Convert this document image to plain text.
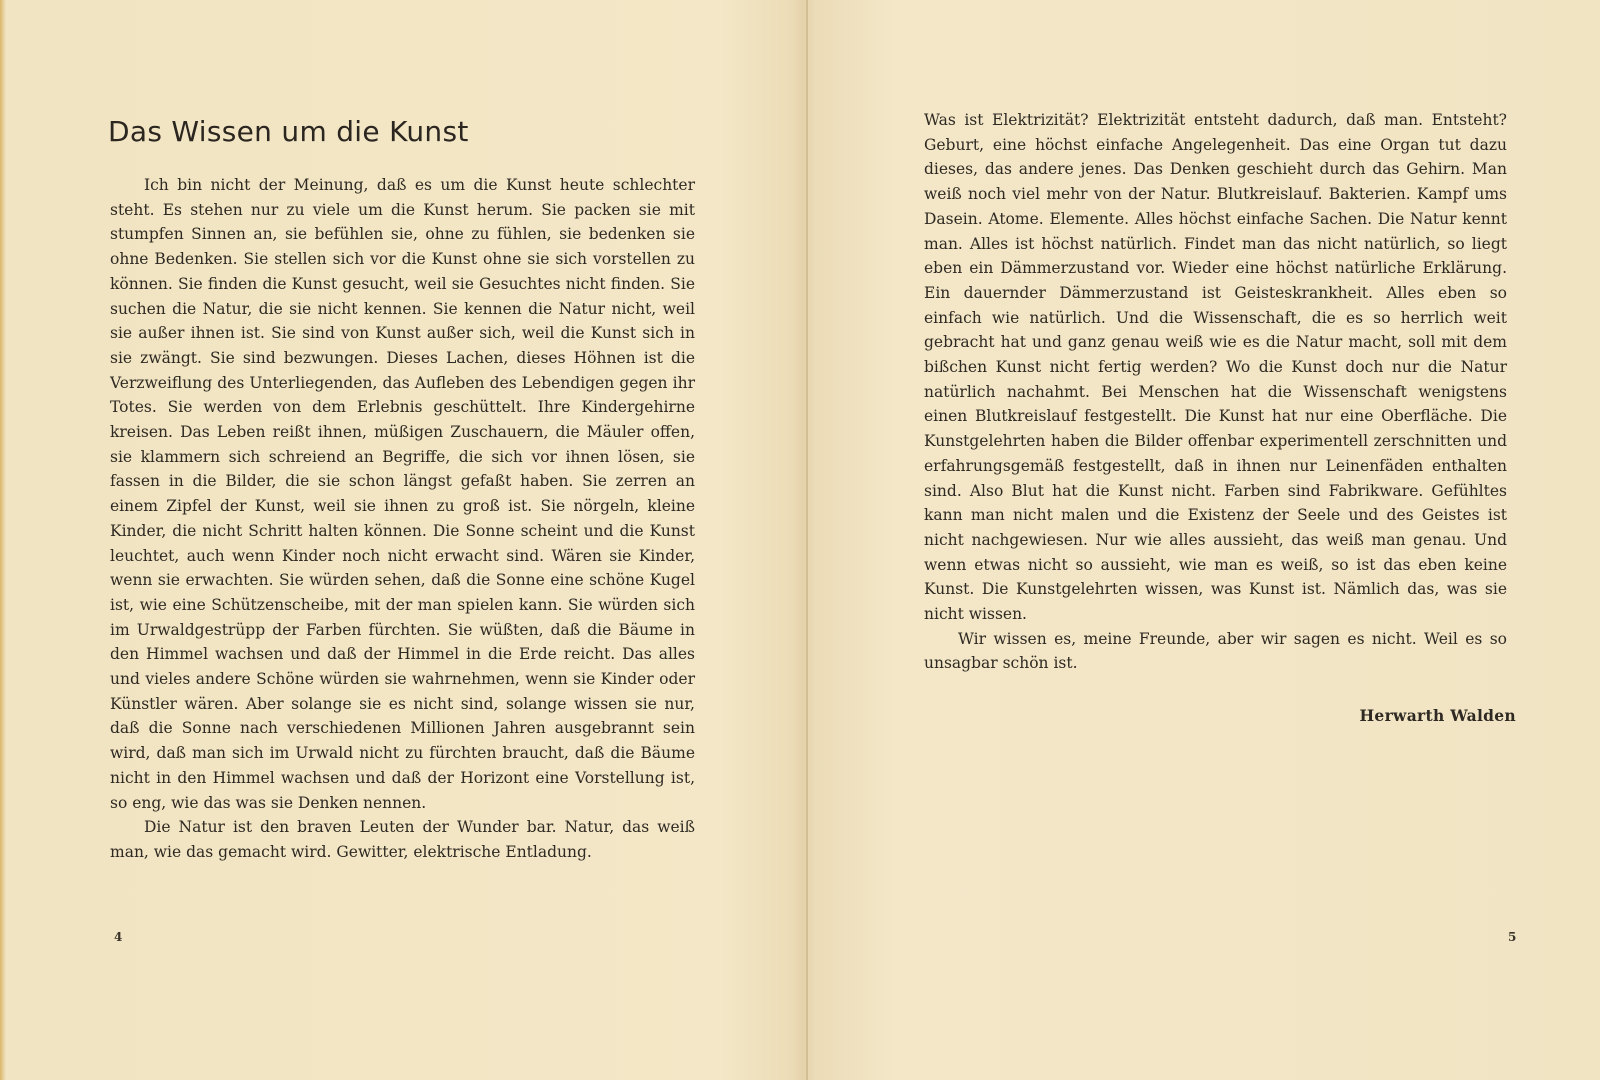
Das Wissen um die Kunst

Ich bin nicht der Meinung, daß es um die Kunst heute schlechter steht. Es stehen nur zu viele um die Kunst herum. Sie packen sie mit stumpfen Sinnen an, sie befühlen sie, ohne zu fühlen, sie bedenken sie ohne Bedenken. Sie stellen sich vor die Kunst ohne sie sich vorstellen zu können. Sie finden die Kunst gesucht, weil sie Gesuchtes nicht finden. Sie suchen die Natur, die sie nicht kennen. Sie kennen die Natur nicht, weil sie außer ihnen ist. Sie sind von Kunst außer sich, weil die Kunst sich in sie zwängt. Sie sind bezwungen. Dieses Lachen, dieses Höhnen ist die Verzweiflung des Unterliegenden, das Aufleben des Lebendigen gegen ihr Totes. Sie werden von dem Erlebnis geschüttelt. Ihre Kindergehirne kreisen. Das Leben reißt ihnen, müßigen Zuschauern, die Mäuler offen, sie klammern sich schreiend an Begriffe, die sich vor ihnen lösen, sie fassen in die Bilder, die sie schon längst gefaßt haben. Sie zerren an einem Zipfel der Kunst, weil sie ihnen zu groß ist. Sie nörgeln, kleine Kinder, die nicht Schritt halten können. Die Sonne scheint und die Kunst leuchtet, auch wenn Kinder noch nicht erwacht sind. Wären sie Kinder, wenn sie erwachten. Sie würden sehen, daß die Sonne eine schöne Kugel ist, wie eine Schützenscheibe, mit der man spielen kann. Sie würden sich im Urwaldgestrüpp der Farben fürchten. Sie wüßten, daß die Bäume in den Himmel wachsen und daß der Himmel in die Erde reicht. Das alles und vieles andere Schöne würden sie wahrnehmen, wenn sie Kinder oder Künstler wären. Aber solange sie es nicht sind, solange wissen sie nur, daß die Sonne nach verschiedenen Millionen Jahren ausgebrannt sein wird, daß man sich im Urwald nicht zu fürchten braucht, daß die Bäume nicht in den Himmel wachsen und daß der Horizont eine Vorstellung ist, so eng, wie das was sie Denken nennen.

Die Natur ist den braven Leuten der Wunder bar. Natur, das weiß man, wie das gemacht wird. Gewitter, elektrische Entladung.

4

Was ist Elektrizität? Elektrizität entsteht dadurch, daß man. Entsteht? Geburt, eine höchst einfache Angelegenheit. Das eine Organ tut dazu dieses, das andere jenes. Das Denken geschieht durch das Gehirn. Man weiß noch viel mehr von der Natur. Blutkreislauf. Bakterien. Kampf ums Dasein. Atome. Elemente. Alles höchst einfache Sachen. Die Natur kennt man. Alles ist höchst natürlich. Findet man das nicht natürlich, so liegt eben ein Dämmerzustand vor. Wieder eine höchst natürliche Erklärung. Ein dauernder Dämmerzustand ist Geisteskrankheit. Alles eben so einfach wie natürlich. Und die Wissenschaft, die es so herrlich weit gebracht hat und ganz genau weiß wie es die Natur macht, soll mit dem bißchen Kunst nicht fertig werden? Wo die Kunst doch nur die Natur natürlich nachahmt. Bei Menschen hat die Wissenschaft wenigstens einen Blutkreislauf festgestellt. Die Kunst hat nur eine Oberfläche. Die Kunstgelehrten haben die Bilder offenbar experimentell zerschnitten und erfahrungsgemäß festgestellt, daß in ihnen nur Leinenfäden enthalten sind. Also Blut hat die Kunst nicht. Farben sind Fabrikware. Gefühltes kann man nicht malen und die Existenz der Seele und des Geistes ist nicht nachgewiesen. Nur wie alles aussieht, das weiß man genau. Und wenn etwas nicht so aussieht, wie man es weiß, so ist das eben keine Kunst. Die Kunstgelehrten wissen, was Kunst ist. Nämlich das, was sie nicht wissen.

Wir wissen es, meine Freunde, aber wir sagen es nicht. Weil es so unsagbar schön ist.

Herwarth Walden
5
